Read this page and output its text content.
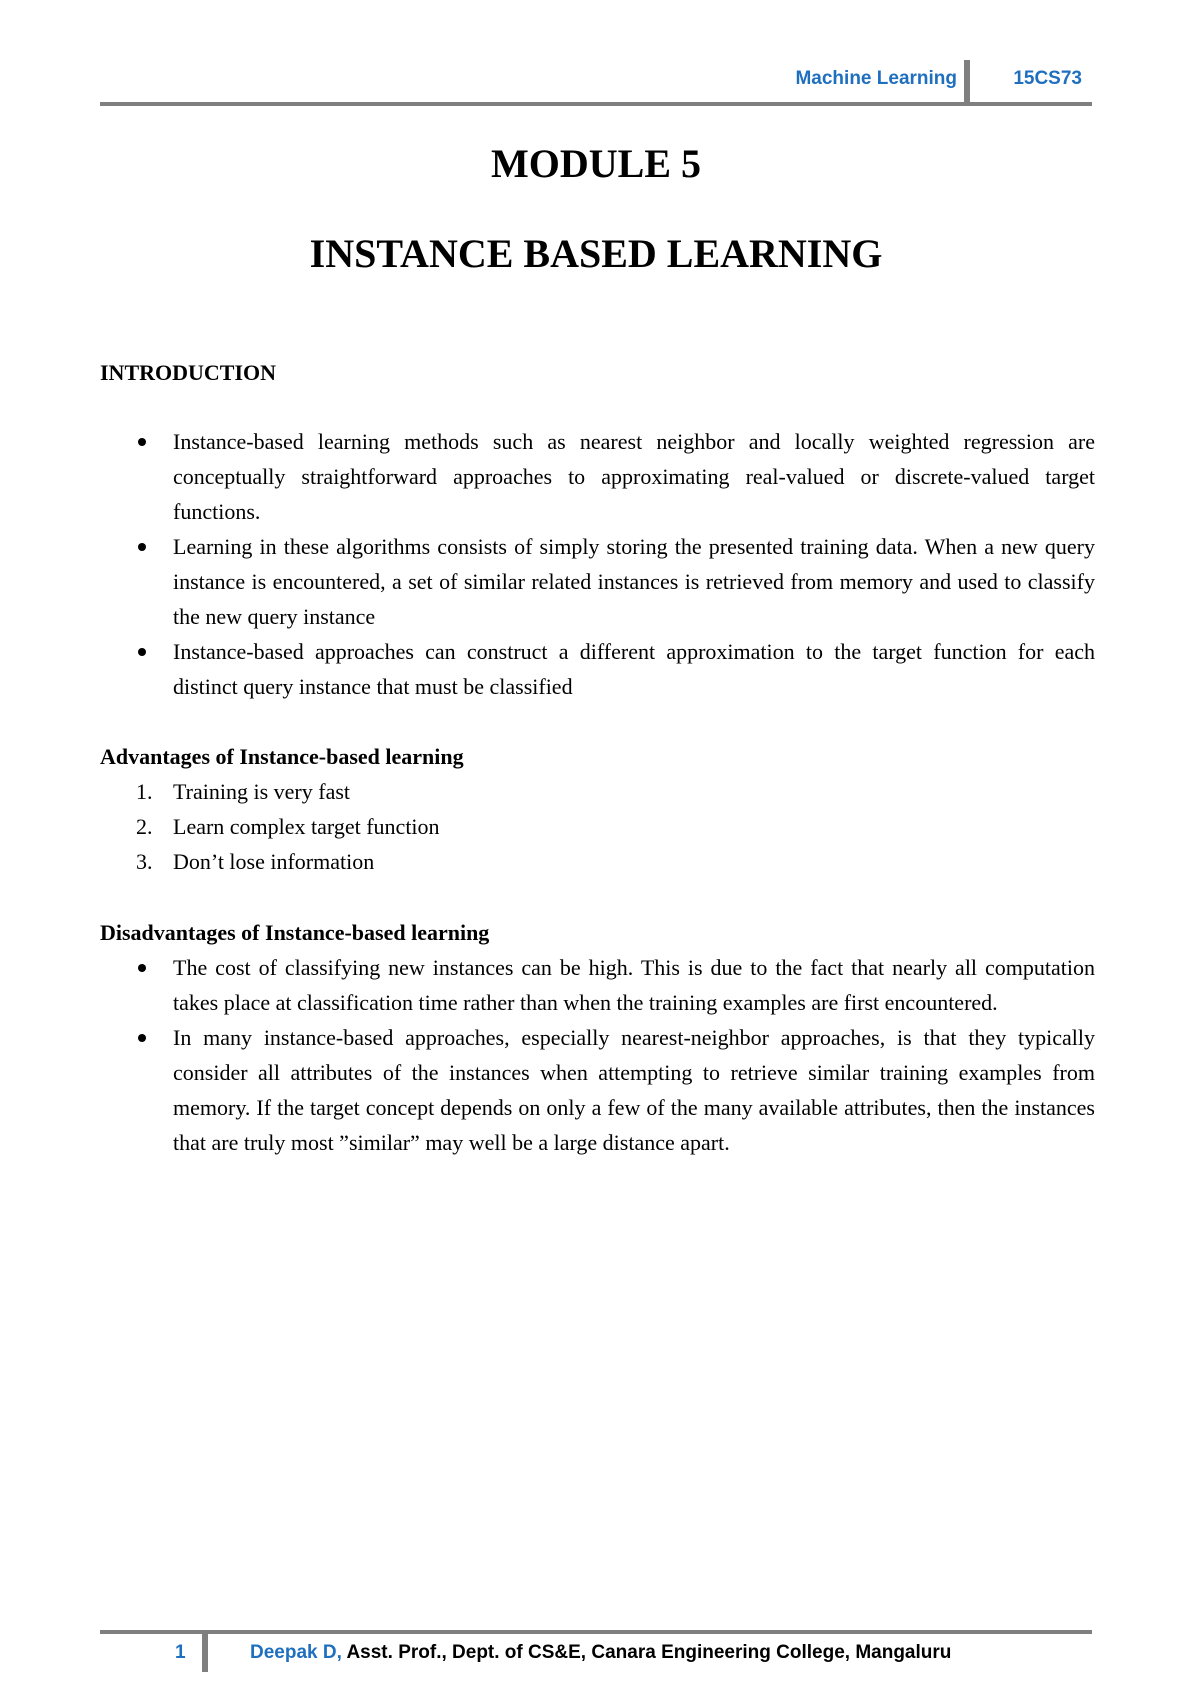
Machine Learning	15CS73
MODULE 5
INSTANCE BASED LEARNING

INTRODUCTION

Instance-based learning methods such as nearest neighbor and locally weighted regression are conceptually straightforward approaches to approximating real-valued or discrete-valued target functions.
Learning in these algorithms consists of simply storing the presented training data. When a new query instance is encountered, a set of similar related instances is retrieved from memory and used to classify the new query instance
Instance-based approaches can construct a different approximation to the target function for each distinct query instance that must be classified

Advantages of Instance-based learning

1. Training is very fast
2. Learn complex target function
3. Don’t lose information

Disadvantages of Instance-based learning

The cost of classifying new instances can be high. This is due to the fact that nearly all computation takes place at classification time rather than when the training examples are first encountered.
In many instance-based approaches, especially nearest-neighbor approaches, is that they typically consider all attributes of the instances when attempting to retrieve similar training examples from memory. If the target concept depends on only a few of the many available attributes, then the instances that are truly most ”similar” may well be a large distance apart.
1	Deepak D, Asst. Prof., Dept. of CS&E, Canara Engineering College, Mangaluru
